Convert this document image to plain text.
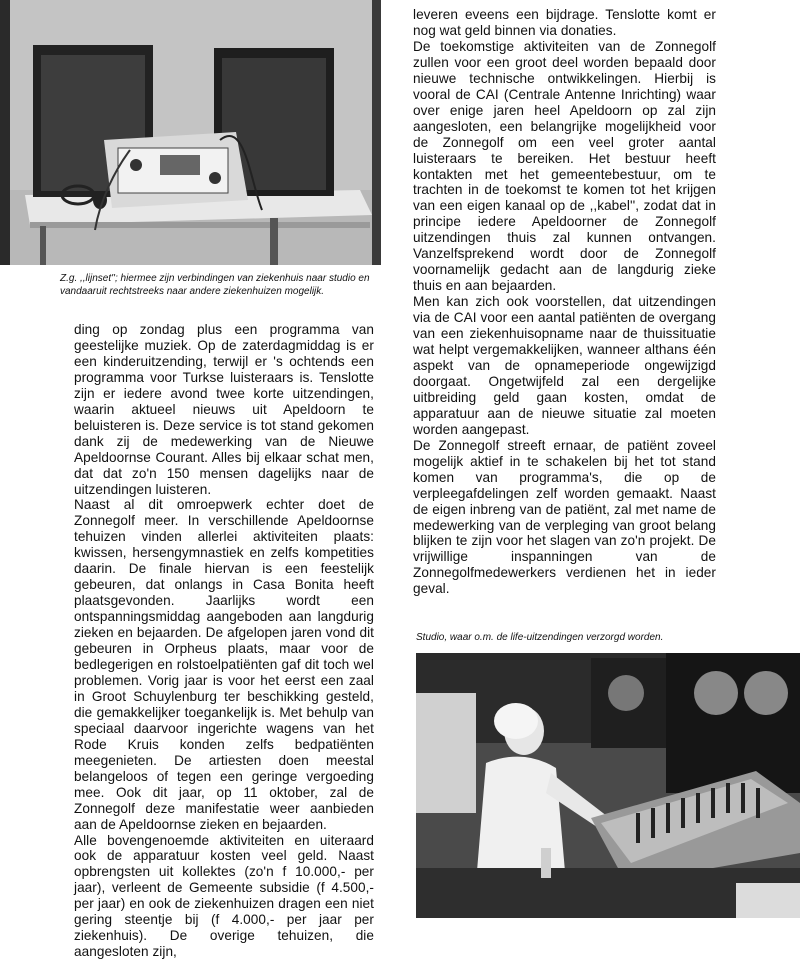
Z.g. ,,lijnset''; hiermee zijn verbindingen van ziekenhuis naar studio en vandaaruit rechtstreeks naar andere ziekenhuizen mogelijk.

ding op zondag plus een programma van geestelijke muziek. Op de zaterdagmiddag is er een kinderuitzending, terwijl er 's ochtends een programma voor Turkse luisteraars is. Tenslotte zijn er iedere avond twee korte uitzendingen, waarin aktueel nieuws uit Apeldoorn te beluisteren is. Deze service is tot stand gekomen dank zij de medewerking van de Nieuwe Apeldoornse Courant. Alles bij elkaar schat men, dat dat zo'n 150 mensen dagelijks naar de uitzendingen luisteren.

Naast al dit omroepwerk echter doet de Zonnegolf meer. In verschillende Apeldoornse tehuizen vinden allerlei aktiviteiten plaats: kwissen, hersengymnastiek en zelfs kompetities daarin. De finale hiervan is een feestelijk gebeuren, dat onlangs in Casa Bonita heeft plaatsgevonden. Jaarlijks wordt een ontspanningsmiddag aangeboden aan langdurig zieken en bejaarden. De afgelopen jaren vond dit gebeuren in Orpheus plaats, maar voor de bedlegerigen en rolstoelpatiënten gaf dit toch wel problemen. Vorig jaar is voor het eerst een zaal in Groot Schuylenburg ter beschikking gesteld, die gemakkelijker toegankelijk is. Met behulp van speciaal daarvoor ingerichte wagens van het Rode Kruis konden zelfs bedpatiënten meegenieten. De artiesten doen meestal belangeloos of tegen een geringe vergoeding mee. Ook dit jaar, op 11 oktober, zal de Zonnegolf deze manifestatie weer aanbieden aan de Apeldoornse zieken en bejaarden.

Alle bovengenoemde aktiviteiten en uiteraard ook de apparatuur kosten veel geld. Naast opbrengsten uit kollektes (zo'n f 10.000,- per jaar), verleent de Gemeente subsidie (f 4.500,- per jaar) en ook de ziekenhuizen dragen een niet gering steentje bij (f 4.000,- per jaar per ziekenhuis). De overige tehuizen, die aangesloten zijn,

leveren eveens een bijdrage. Tenslotte komt er nog wat geld binnen via donaties.

De toekomstige aktiviteiten van de Zonnegolf zullen voor een groot deel worden bepaald door nieuwe technische ontwikkelingen. Hierbij is vooral de CAI (Centrale Antenne Inrichting) waar over enige jaren heel Apeldoorn op zal zijn aangesloten, een belangrijke mogelijkheid voor de Zonnegolf om een veel groter aantal luisteraars te bereiken. Het bestuur heeft kontakten met het gemeentebestuur, om te trachten in de toekomst te komen tot het krijgen van een eigen kanaal op de ,,kabel'', zodat dat in principe iedere Apeldoorner de Zonnegolf uitzendingen thuis zal kunnen ontvangen. Vanzelfsprekend wordt door de Zonnegolf voornamelijk gedacht aan de langdurig zieke thuis en aan bejaarden.

Men kan zich ook voorstellen, dat uitzendingen via de CAI voor een aantal patiënten de overgang van een ziekenhuisopname naar de thuissituatie wat helpt vergemakkelijken, wanneer althans één aspekt van de opnameperiode ongewijzigd doorgaat. Ongetwijfeld zal een dergelijke uitbreiding geld gaan kosten, omdat de apparatuur aan de nieuwe situatie zal moeten worden aangepast.

De Zonnegolf streeft ernaar, de patiënt zoveel mogelijk aktief in te schakelen bij het tot stand komen van programma's, die op de verpleegafdelingen zelf worden gemaakt. Naast de eigen inbreng van de patiënt, zal met name de medewerking van de verpleging van groot belang blijken te zijn voor het slagen van zo'n projekt. De vrijwillige inspanningen van de Zonnegolfmedewerkers verdienen het in ieder geval.

Studio, waar o.m. de life-uitzendingen verzorgd worden.
